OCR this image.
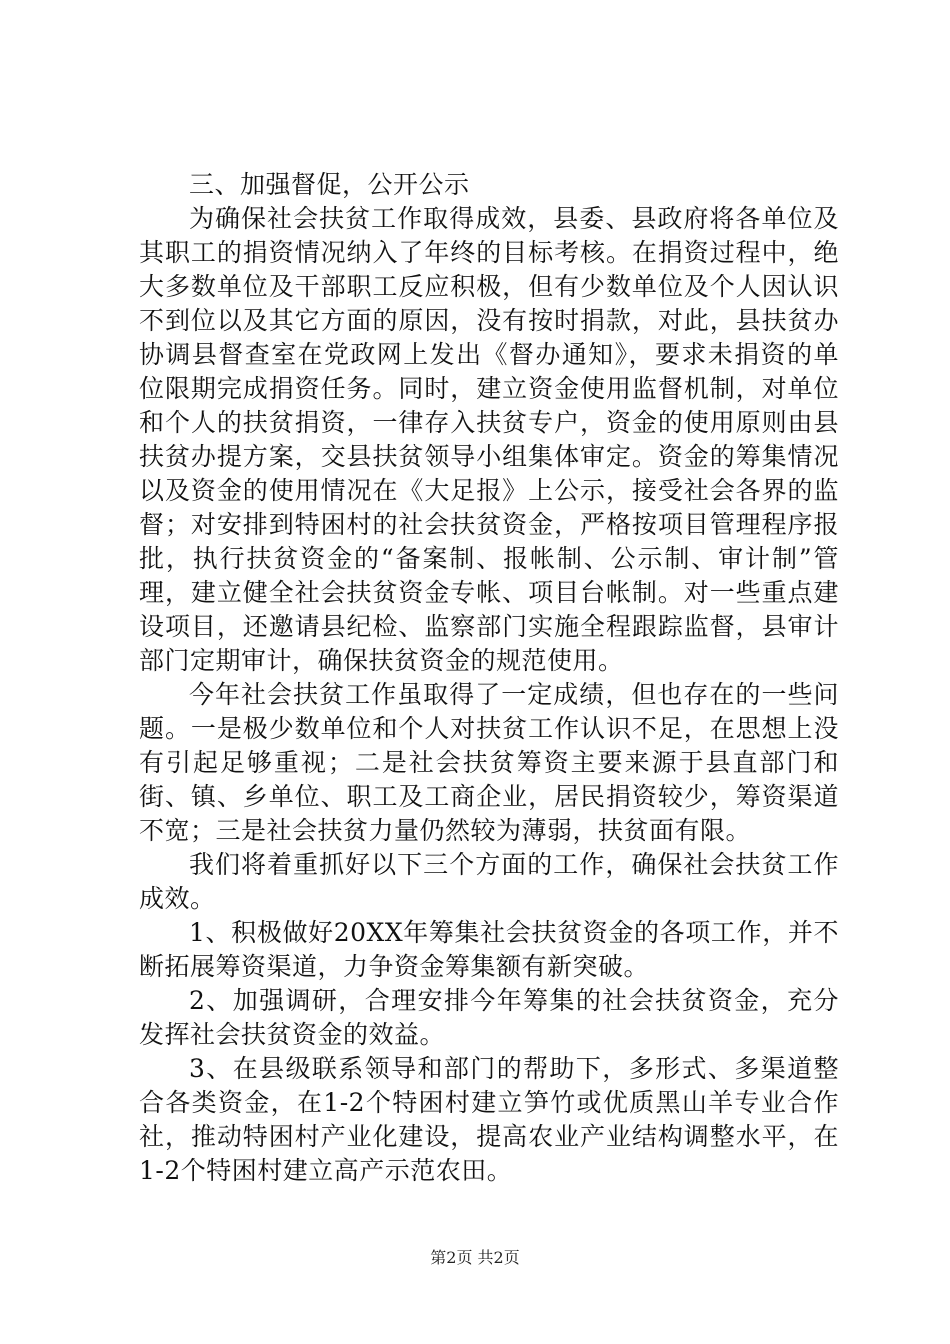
三、加强督促，公开公示

为确保社会扶贫工作取得成效，县委、县政府将各单位及其职工的捐资情况纳入了年终的目标考核。在捐资过程中，绝大多数单位及干部职工反应积极，但有少数单位及个人因认识不到位以及其它方面的原因，没有按时捐款，对此，县扶贫办协调县督查室在党政网上发出《督办通知》，要求未捐资的单位限期完成捐资任务。同时，建立资金使用监督机制，对单位和个人的扶贫捐资，一律存入扶贫专户，资金的使用原则由县扶贫办提方案，交县扶贫领导小组集体审定。资金的筹集情况以及资金的使用情况在《大足报》上公示，接受社会各界的监督；对安排到特困村的社会扶贫资金，严格按项目管理程序报批，执行扶贫资金的“备案制、报帐制、公示制、审计制”管理，建立健全社会扶贫资金专帐、项目台帐制。对一些重点建设项目，还邀请县纪检、监察部门实施全程跟踪监督，县审计部门定期审计，确保扶贫资金的规范使用。

今年社会扶贫工作虽取得了一定成绩，但也存在的一些问题。一是极少数单位和个人对扶贫工作认识不足，在思想上没有引起足够重视；二是社会扶贫筹资主要来源于县直部门和街、镇、乡单位、职工及工商企业，居民捐资较少，筹资渠道不宽；三是社会扶贫力量仍然较为薄弱，扶贫面有限。

我们将着重抓好以下三个方面的工作，确保社会扶贫工作成效。

1、积极做好20XX年筹集社会扶贫资金的各项工作，并不断拓展筹资渠道，力争资金筹集额有新突破。

2、加强调研，合理安排今年筹集的社会扶贫资金，充分发挥社会扶贫资金的效益。

3、在县级联系领导和部门的帮助下，多形式、多渠道整合各类资金，在1-2个特困村建立笋竹或优质黑山羊专业合作社，推动特困村产业化建设，提高农业产业结构调整水平，在1-2个特困村建立高产示范农田。

第2页 共2页
